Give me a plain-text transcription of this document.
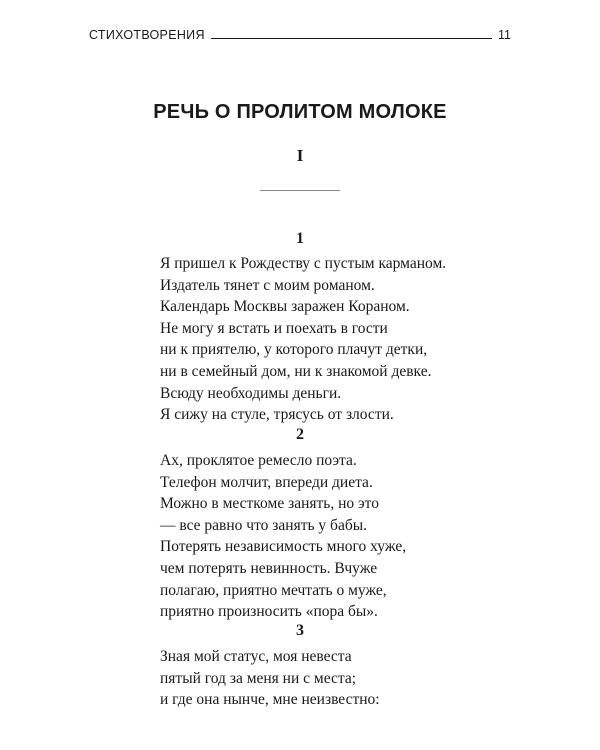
СТИХОТВОРЕНИЯ	11
РЕЧЬ О ПРОЛИТОМ МОЛОКЕ
I
1
Я пришел к Рождеству с пустым карманом.
Издатель тянет с моим романом.
Календарь Москвы заражен Кораном.
Не могу я встать и поехать в гости
ни к приятелю, у которого плачут детки,
ни в семейный дом, ни к знакомой девке.
Всюду необходимы деньги.
Я сижу на стуле, трясусь от злости.
2
Ах, проклятое ремесло поэта.
Телефон молчит, впереди диета.
Можно в месткоме занять, но это
— все равно что занять у бабы.
Потерять независимость много хуже,
чем потерять невинность. Вчуже
полагаю, приятно мечтать о муже,
приятно произносить «пора бы».
3
Зная мой статус, моя невеста
пятый год за меня ни с места;
и где она нынче, мне неизвестно:
